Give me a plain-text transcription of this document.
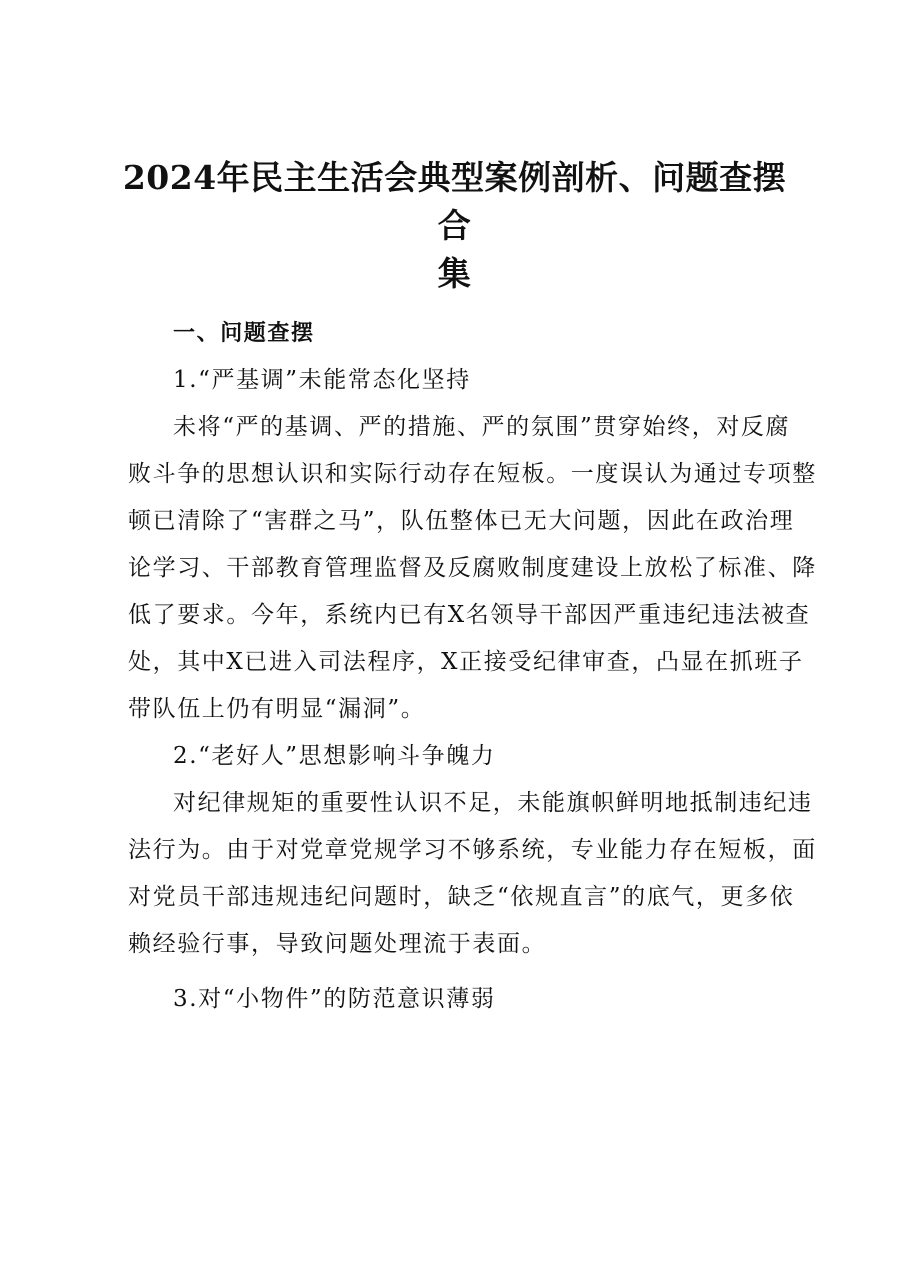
2024年民主生活会典型案例剖析、问题查摆合
集

一、问题查摆

1.“严基调”未能常态化坚持

未将“严的基调、严的措施、严的氛围”贯穿始终，对反腐

败斗争的思想认识和实际行动存在短板。一度误认为通过专项整

顿已清除了“害群之马”，队伍整体已无大问题，因此在政治理

论学习、干部教育管理监督及反腐败制度建设上放松了标准、降

低了要求。今年，系统内已有X名领导干部因严重违纪违法被查

处，其中X已进入司法程序，X正接受纪律审查，凸显在抓班子

带队伍上仍有明显“漏洞”。

2.“老好人”思想影响斗争魄力

对纪律规矩的重要性认识不足，未能旗帜鲜明地抵制违纪违

法行为。由于对党章党规学习不够系统，专业能力存在短板，面

对党员干部违规违纪问题时，缺乏“依规直言”的底气，更多依

赖经验行事，导致问题处理流于表面。

3.对“小物件”的防范意识薄弱
